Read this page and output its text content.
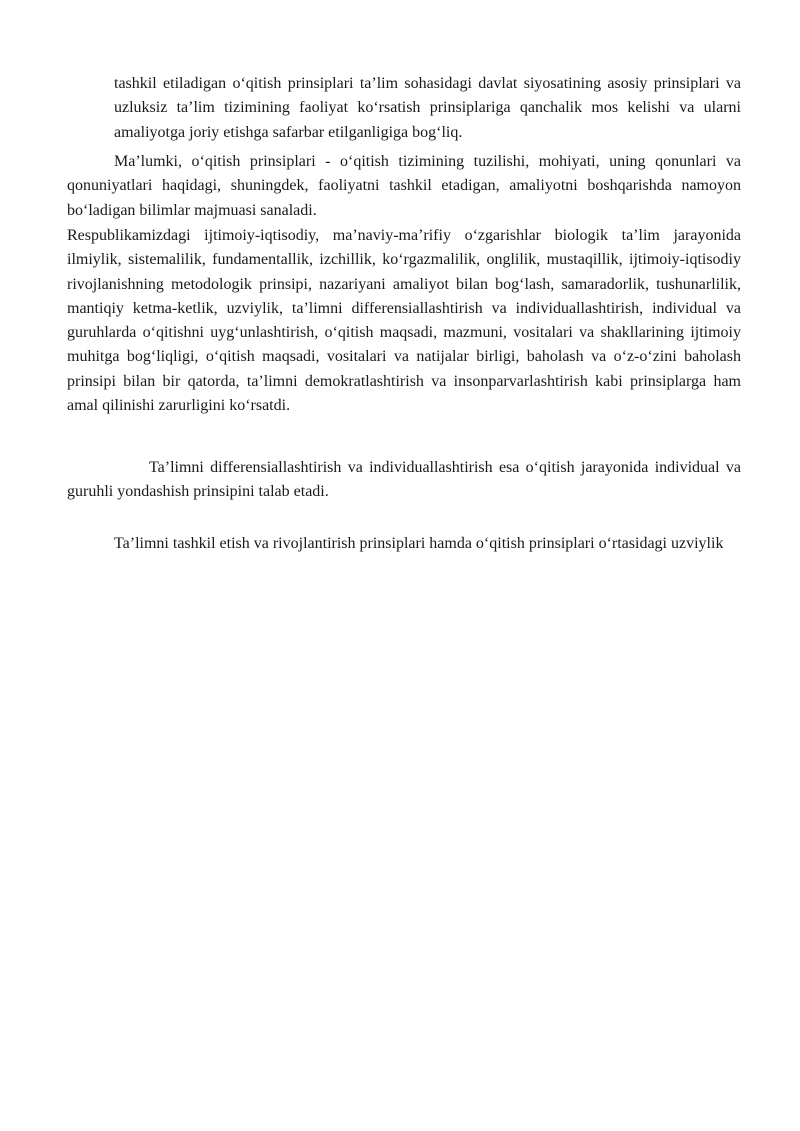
tashkil etiladigan o‘qitish prinsiplari ta’lim sohasidagi davlat siyosatining asosiy prinsiplari va uzluksiz ta’lim tizimining faoliyat ko‘rsatish prinsiplariga qanchalik mos kelishi va ularni amaliyotga joriy etishga safarbar etilganligiga bog‘liq.

Ma’lumki, o‘qitish prinsiplari - o‘qitish tizimining tuzilishi, mohiyati, uning qonunlari va qonuniyatlari haqidagi, shuningdek, faoliyatni tashkil etadigan, amaliyotni boshqarishda namoyon bo‘ladigan bilimlar majmuasi sanaladi.

Respublikamizdagi ijtimoiy-iqtisodiy, ma’naviy-ma’rifiy o‘zgarishlar biologik ta’lim jarayonida ilmiylik, sistemalilik, fundamentallik, izchillik, ko‘rgazmalilik, onglilik, mustaqillik, ijtimoiy-iqtisodiy rivojlanishning metodologik prinsipi, nazariyani amaliyot bilan bog‘lash, samaradorlik, tushunarlilik, mantiqiy ketma-ketlik, uzviylik, ta’limni differensiallashtirish va individuallashtirish, individual va guruhlarda o‘qitishni uyg‘unlashtirish, o‘qitish maqsadi, mazmuni, vositalari va shakllarining ijtimoiy muhitga bog‘liqligi, o‘qitish maqsadi, vositalari va natijalar birligi, baholash va o‘z-o‘zini baholash prinsipi bilan bir qatorda, ta’limni demokratlashtirish va insonparvarlashtirish kabi prinsiplarga ham amal qilinishi zarurligini ko‘rsatdi.

Ta’limni differensiallashtirish va individuallashtirish esa o‘qitish jarayonida individual va guruhli yondashish prinsipini talab etadi.

Ta’limni tashkil etish va rivojlantirish prinsiplari hamda o‘qitish prinsiplari o‘rtasidagi uzviylik
